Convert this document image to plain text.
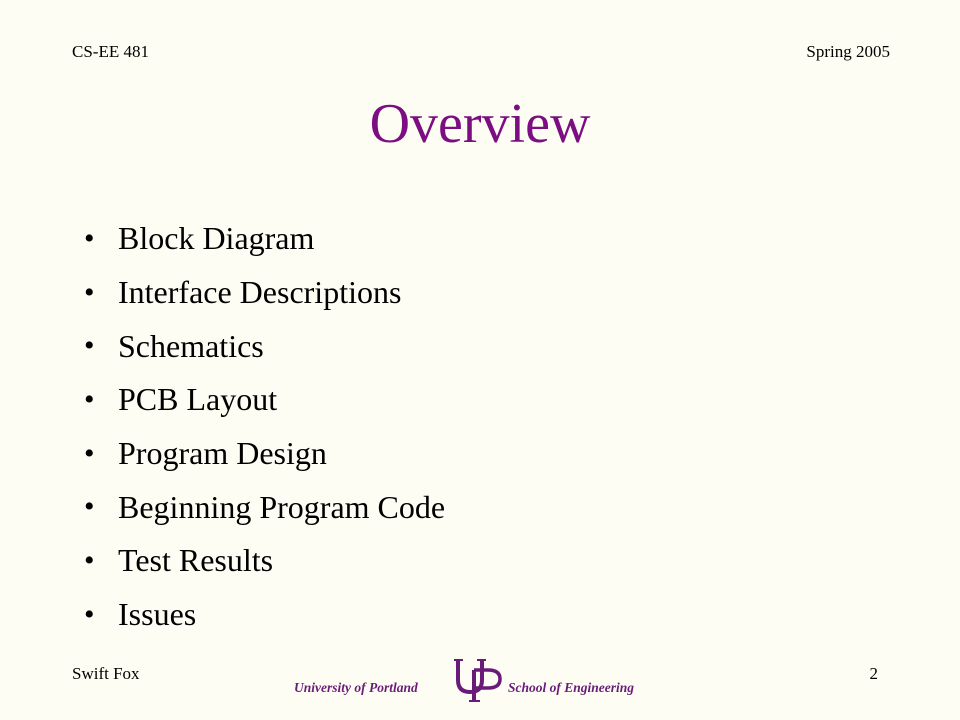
CS-EE 481	Spring 2005
Overview
• Block Diagram
• Interface Descriptions
• Schematics
• PCB Layout
• Program Design
• Beginning Program Code
• Test Results
• Issues
Swift Fox	2
University of Portland	School of Engineering
